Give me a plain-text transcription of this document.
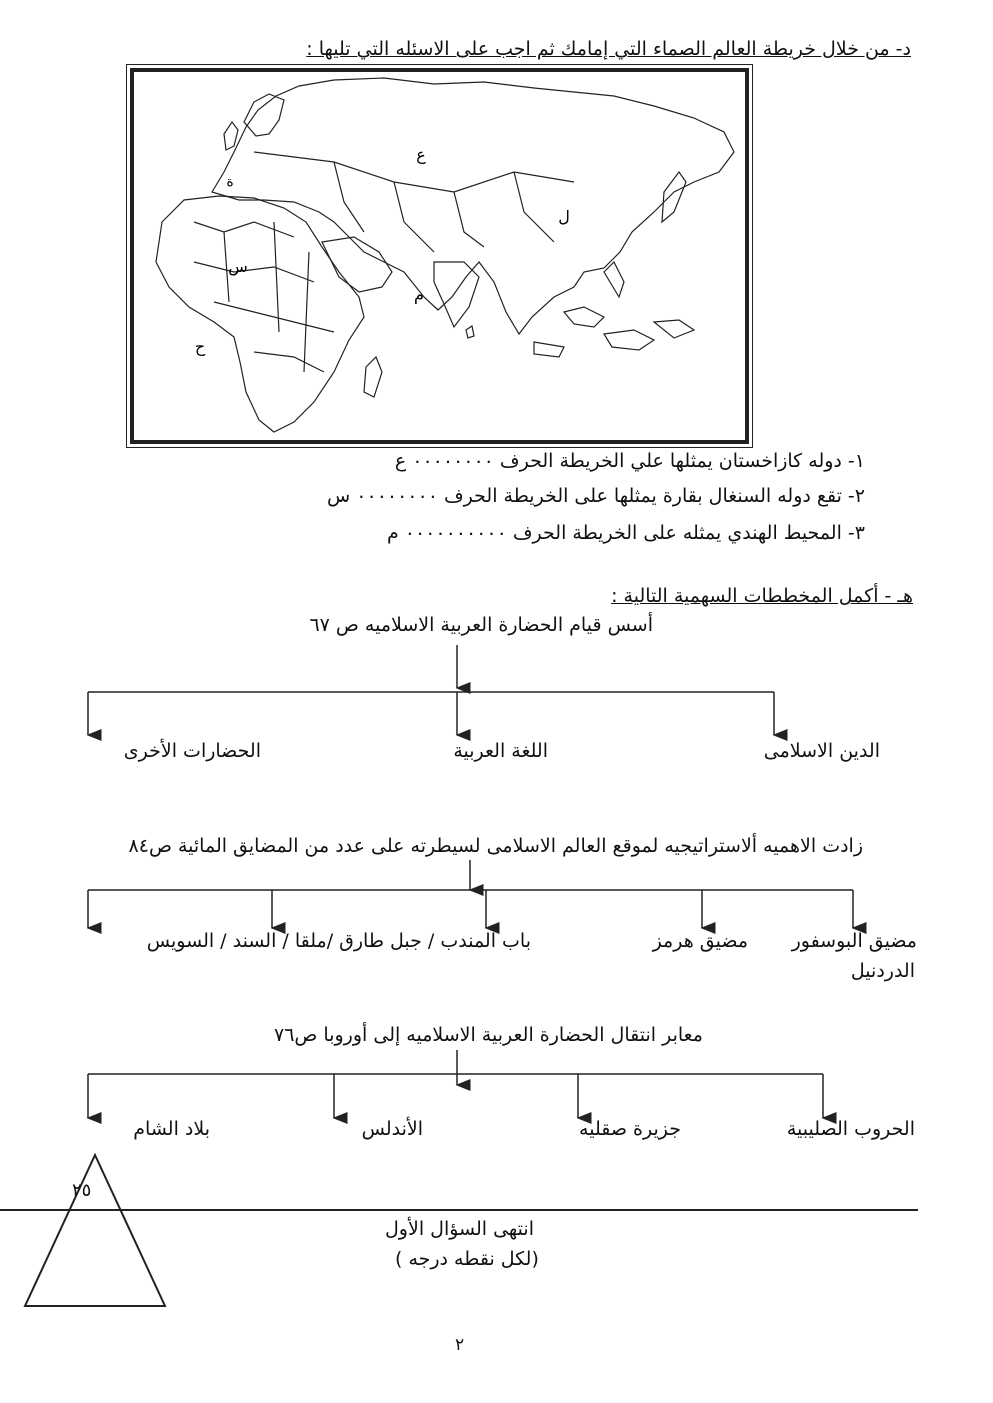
د- من خلال خريطة العالم الصماء التي إمامك ثم اجب على الاسئله التي تليها :
ع
ل
م
س
ح
ة
١- دوله كازاخستان يمثلها علي الخريطة الحرف ٠٠٠٠٠٠٠٠ ع
٢- تقع دوله السنغال بقارة يمثلها على الخريطة الحرف ٠٠٠٠٠٠٠٠ س
٣- المحيط الهندي يمثله على الخريطة الحرف ٠٠٠٠٠٠٠٠٠٠ م
هـ - أكمل المخططات السهمية التالية :
أسس قيام الحضارة العربية الاسلاميه ص ٦٧
الدين الاسلامى
اللغة العربية
الحضارات الأخرى
زادت الاهميه ألاستراتيجيه لموقع العالم الاسلامى لسيطرته على عدد من المضايق المائية ص٨٤
مضيق البوسفور
الدردنيل
مضيق هرمز
باب المندب / جبل طارق /ملقا / السند / السويس
معابر انتقال الحضارة العربية الاسلاميه إلى أوروبا ص٧٦
الحروب الصليبية
جزيرة صقليه
الأندلس
بلاد الشام
٢٥
انتهى السؤال الأول
(لكل نقطه درجه )
٢
